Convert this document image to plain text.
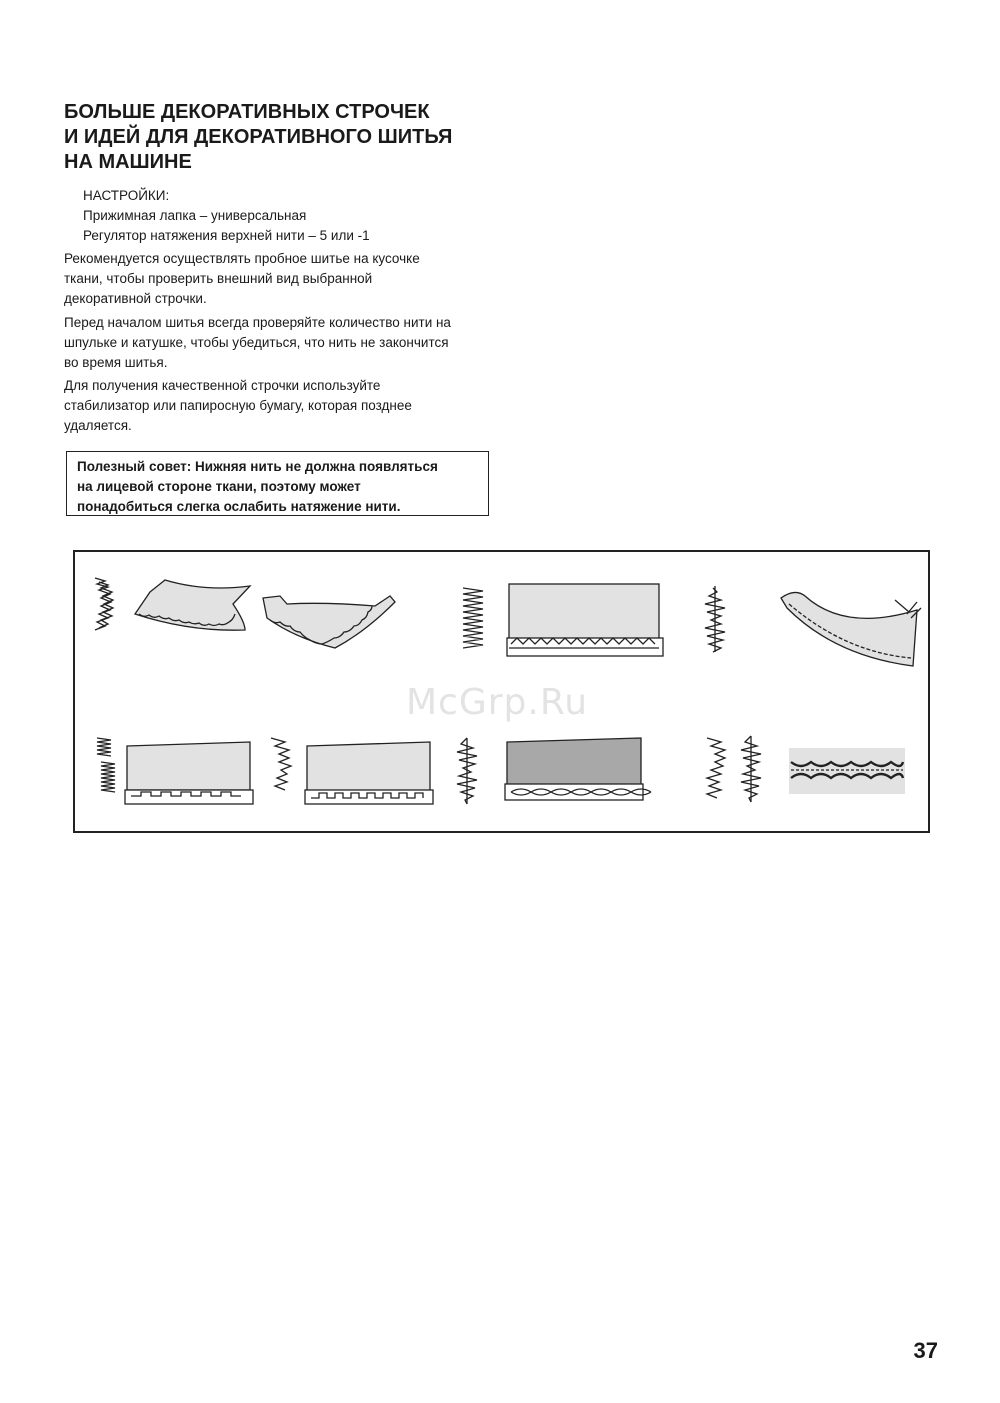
БОЛЬШЕ ДЕКОРАТИВНЫХ СТРОЧЕК
И ИДЕЙ ДЛЯ ДЕКОРАТИВНОГО ШИТЬЯ
НА МАШИНЕ
НАСТРОЙКИ:
Прижимная лапка – универсальная
Регулятор натяжения верхней нити – 5 или -1
Рекомендуется осуществлять пробное шитье на кусочке
ткани, чтобы проверить внешний вид выбранной
декоративной строчки.
Перед началом шитья всегда проверяйте количество нити на
шпульке и катушке, чтобы убедиться, что нить не закончится
во время шитья.
Для получения качественной строчки используйте
стабилизатор или папиросную бумагу, которая позднее
удаляется.
Полезный совет: Нижняя нить не должна появляться
на лицевой стороне ткани, поэтому может
понадобиться слегка ослабить натяжение нити.
McGrp.Ru
37
